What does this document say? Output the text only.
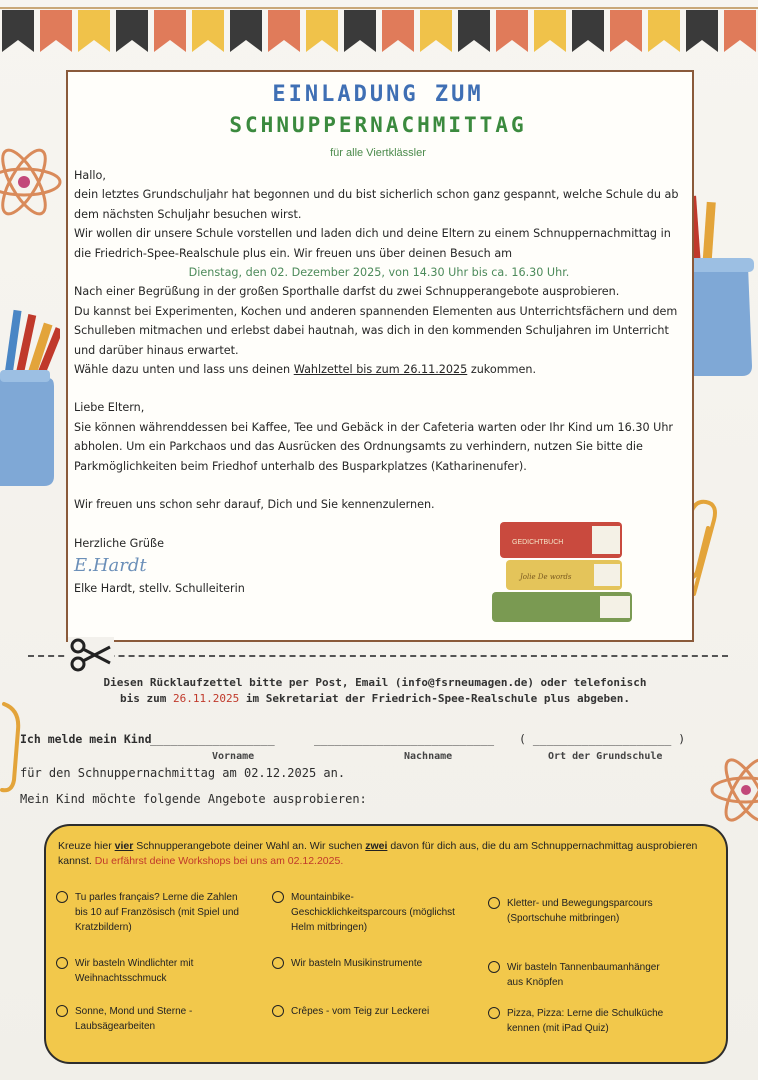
EINLADUNG ZUM
SCHNUPPERNACHMITTAG
für alle Viertklässler

Hallo,

dein letztes Grundschuljahr hat begonnen und du bist sicherlich schon ganz gespannt, welche Schule du ab dem nächsten Schuljahr besuchen wirst.

Wir wollen dir unsere Schule vorstellen und laden dich und deine Eltern zu einem Schnuppernachmittag in die Friedrich-Spee-Realschule plus ein. Wir freuen uns über deinen Besuch am

Dienstag, den 02. Dezember 2025, von 14.30 Uhr bis ca. 16.30 Uhr.

Nach einer Begrüßung in der großen Sporthalle darfst du zwei Schnupperangebote ausprobieren.

Du kannst bei Experimenten, Kochen und anderen spannenden Elementen aus Unterrichtsfächern und dem Schulleben mitmachen und erlebst dabei hautnah, was dich in den kommenden Schuljahren im Unterricht und darüber hinaus erwartet.

Wähle dazu unten und lass uns deinen Wahlzettel bis zum 26.11.2025 zukommen.

Liebe Eltern,

Sie können währenddessen bei Kaffee, Tee und Gebäck in der Cafeteria warten oder Ihr Kind um 16.30 Uhr abholen. Um ein Parkchaos und das Ausrücken des Ordnungsamts zu verhindern, nutzen Sie bitte die Parkmöglichkeiten beim Friedhof unterhalb des Busparkplatzes (Katharinenufer).

Wir freuen uns schon sehr darauf, Dich und Sie kennenzulernen.

Herzliche Grüße

E.Hardt

Elke Hardt, stellv. Schulleiterin

GEDICHTBUCH
Jolie De words
Diesen Rücklaufzettel bitte per Post, Email (info@fsrneumagen.de) oder telefonisch
bis zum 26.11.2025 im Sekretariat der Friedrich-Spee-Realschule plus abgeben.
Ich melde mein Kind
__________________	__________________________ ( ____________________ )
Vorname	Nachname	Ort der Grundschule
für den Schnuppernachmittag am 02.12.2025 an.
Mein Kind möchte folgende Angebote ausprobieren:
Kreuze hier vier Schnupperangebote deiner Wahl an. Wir suchen zwei davon für dich aus, die du am Schnuppernachmittag ausprobieren kannst. Du erfährst deine Workshops bei uns am 02.12.2025.
Tu parles français? Lerne die Zahlen bis 10 auf Französisch (mit Spiel und Kratzbildern)
Mountainbike-Geschicklichkeitsparcours (möglichst Helm mitbringen)
Kletter- und Bewegungsparcours (Sportschuhe mitbringen)
Wir basteln Windlichter mit Weihnachtsschmuck
Wir basteln Musikinstrumente	Wir basteln Tannenbaumanhänger aus Knöpfen
Sonne, Mond und Sterne - Laubsägearbeiten
Crêpes - vom Teig zur Leckerei	Pizza, Pizza: Lerne die Schulküche kennen (mit iPad Quiz)
